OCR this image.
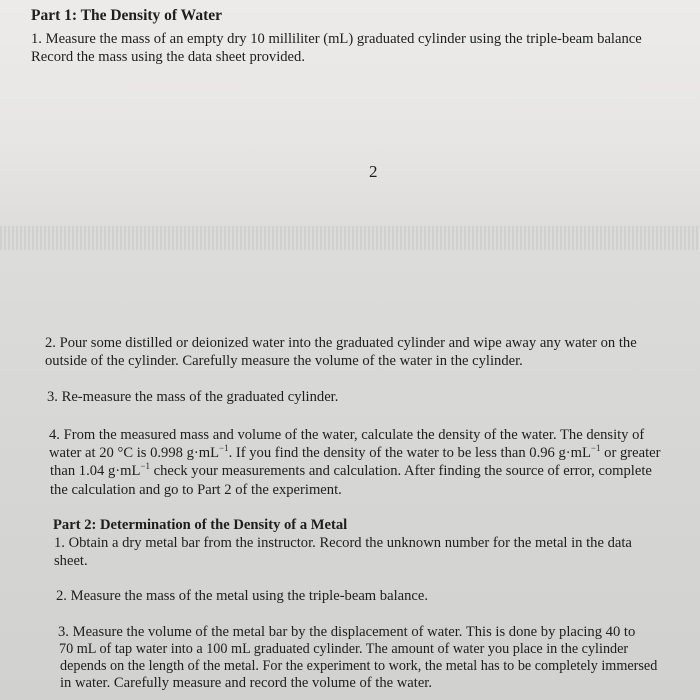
Part 1: The Density of Water
1. Measure the mass of an empty dry 10 milliliter (mL) graduated cylinder using the triple-beam balance
Record the mass using the data sheet provided.
2
2. Pour some distilled or deionized water into the graduated cylinder and wipe away any water on the
outside of the cylinder. Carefully measure the volume of the water in the cylinder.
3. Re-measure the mass of the graduated cylinder.
4. From the measured mass and volume of the water, calculate the density of the water. The density of
water at 20 °C is 0.998 $g\cdot mL^{-1}$. If you find the density of the water to be less than 0.96 $g\cdot mL^{-1}$ or greater
than 1.04 $g\cdot mL^{-1}$ check your measurements and calculation. After finding the source of error, complete
the calculation and go to Part 2 of the experiment.
Part 2: Determination of the Density of a Metal
1. Obtain a dry metal bar from the instructor. Record the unknown number for the metal in the data
sheet.
2. Measure the mass of the metal using the triple-beam balance.
3. Measure the volume of the metal bar by the displacement of water. This is done by placing 40 to
70 mL of tap water into a 100 mL graduated cylinder. The amount of water you place in the cylinder
depends on the length of the metal. For the experiment to work, the metal has to be completely immersed
in water. Carefully measure and record the volume of the water.
